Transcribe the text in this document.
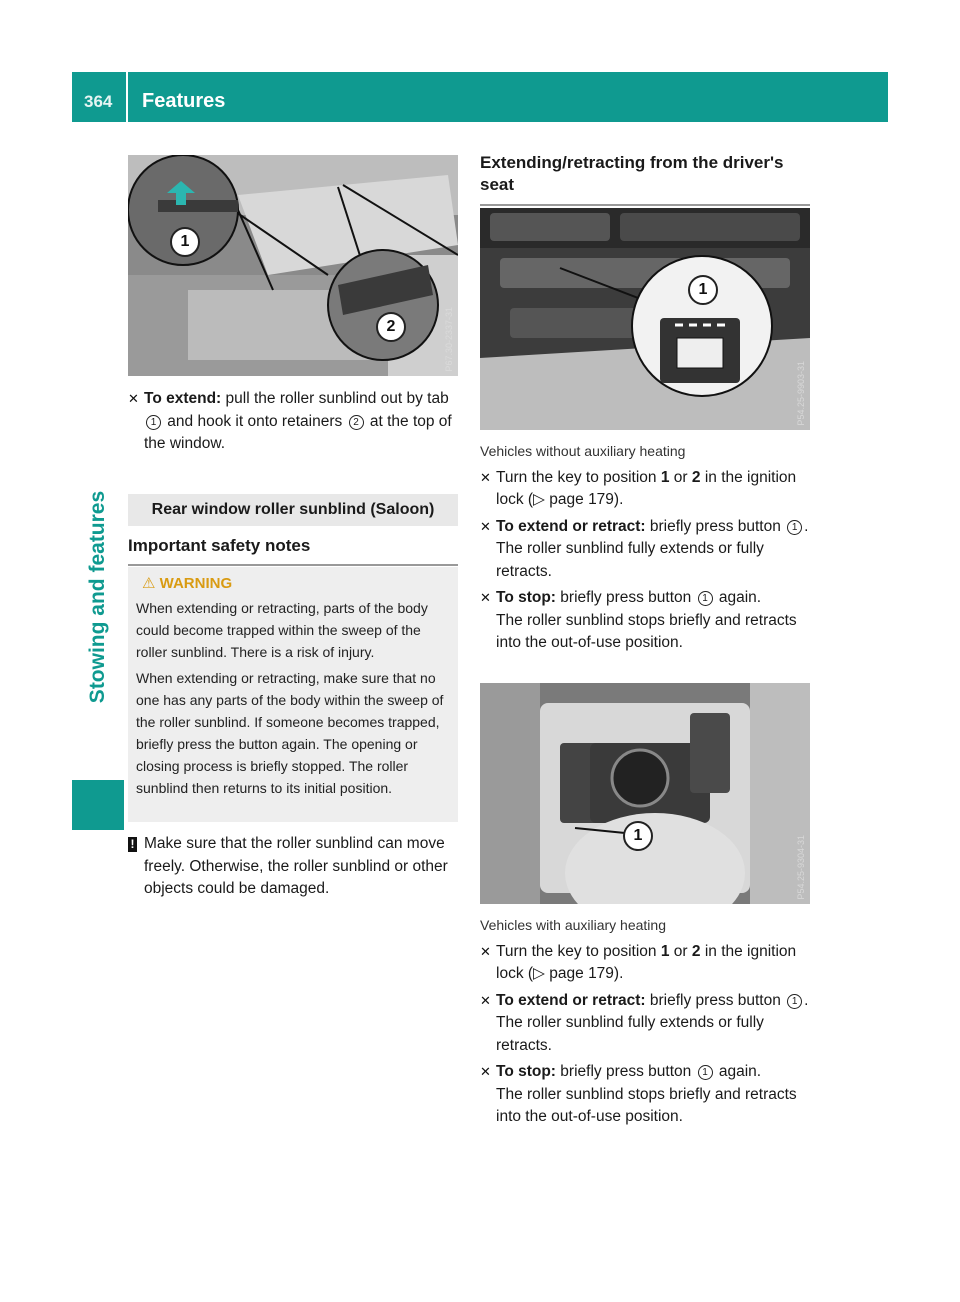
364 Features
Stowing and features
1
2	P67.30-2337-31

✕ To extend: pull the roller sunblind out by tab 1 and hook it onto retainers 2 at the top of the window.

Rear window roller sunblind (Saloon)
Important safety notes
⚠ WARNING

When extending or retracting, parts of the body could become trapped within the sweep of the roller sunblind. There is a risk of injury.

When extending or retracting, make sure that no one has any parts of the body within the sweep of the roller sunblind. If someone becomes trapped, briefly press the button again. The opening or closing process is briefly stopped. The roller sunblind then returns to its initial position.

! Make sure that the roller sunblind can move freely. Otherwise, the roller sunblind or other objects could be damaged.
Extending/retracting from the driver's seat
1
P54.25-9903-31

Vehicles without auxiliary heating

✕ Turn the key to position 1 or 2 in the ignition lock (▷ page 179).

✕ To extend or retract: briefly press button 1 .
The roller sunblind fully extends or fully retracts.

✕ To stop: briefly press button 1 again.
The roller sunblind stops briefly and retracts into the out-of-use position.

1	P54.25-9304-31

Vehicles with auxiliary heating

✕ Turn the key to position 1 or 2 in the ignition lock (▷ page 179).

✕ To extend or retract: briefly press button 1 .
The roller sunblind fully extends or fully retracts.

✕ To stop: briefly press button 1 again.
The roller sunblind stops briefly and retracts into the out-of-use position.
